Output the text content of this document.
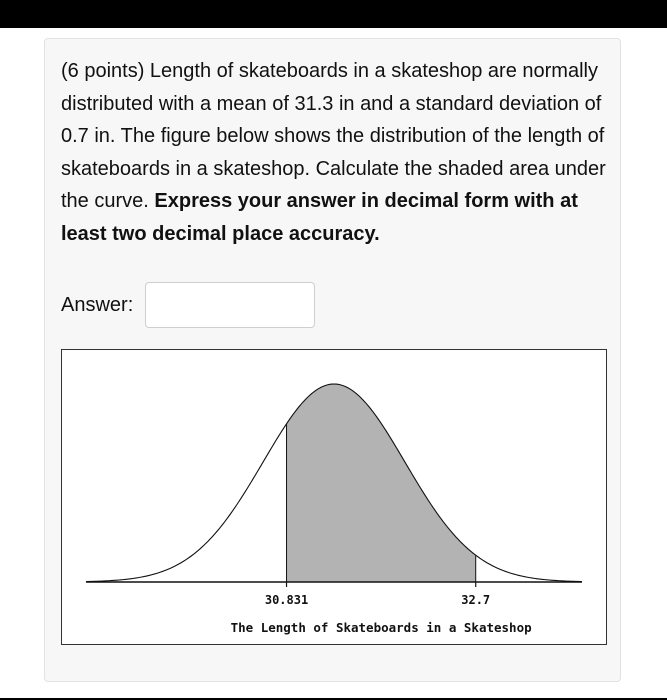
(6 points) Length of skateboards in a skateshop are normally distributed with a mean of 31.3 in and a standard deviation of 0.7 in. The figure below shows the distribution of the length of skateboards in a skateshop. Calculate the shaded area under the curve. Express your answer in decimal form with at least two decimal place accuracy.

Answer:
30.831	32.7
The Length of Skateboards in a Skateshop
